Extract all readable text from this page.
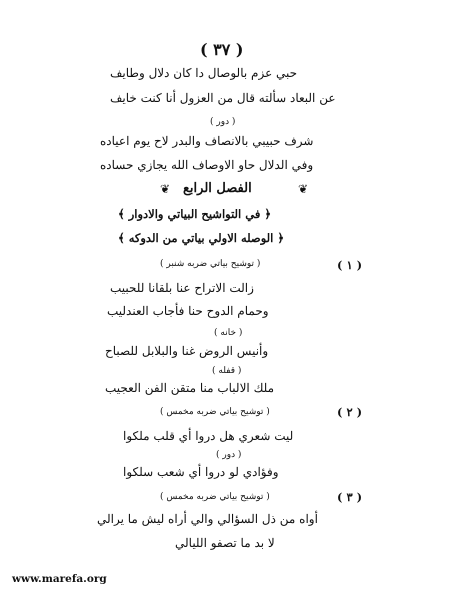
( ٣٧ )
حبي عزم بالوصال دا كان دلال وطايف
عن البعاد سألته قال من العزول أنا كنت خايف
( دور )
شرف حبيبي بالانصاف والبدر لاح يوم اعياده
وفي الدلال حاو الاوصاف الله يجازي حساده
❦
الفصل الرابع
❦
﴿ في التواشيح البياتي والادوار ﴾
﴿ الوصله الاولي بياتي من الدوكه ﴾
( ١ )
( توشيح بياتي ضربه شنبر )
زالت الاتراح عنا بلقانا للحبيب
وحمام الدوح حنا فأجاب العندليب
( خانه )
وأنيس الروض غنا والبلابل للصباح
( قفله )
ملك الالباب منا متقن الفن العجيب
( ٢ )
( توشيح بياتي ضربه مخمس )
ليت شعري هل دروا أي قلب ملكوا
( دور )
وفؤادي لو دروا أي شعب سلكوا
( ٣ )
( توشيح بياتي ضربه مخمس )
أواه من ذل السؤالي والي أراه ليش ما يرالي
لا بد ما تصفو الليالي
www.marefa.org
